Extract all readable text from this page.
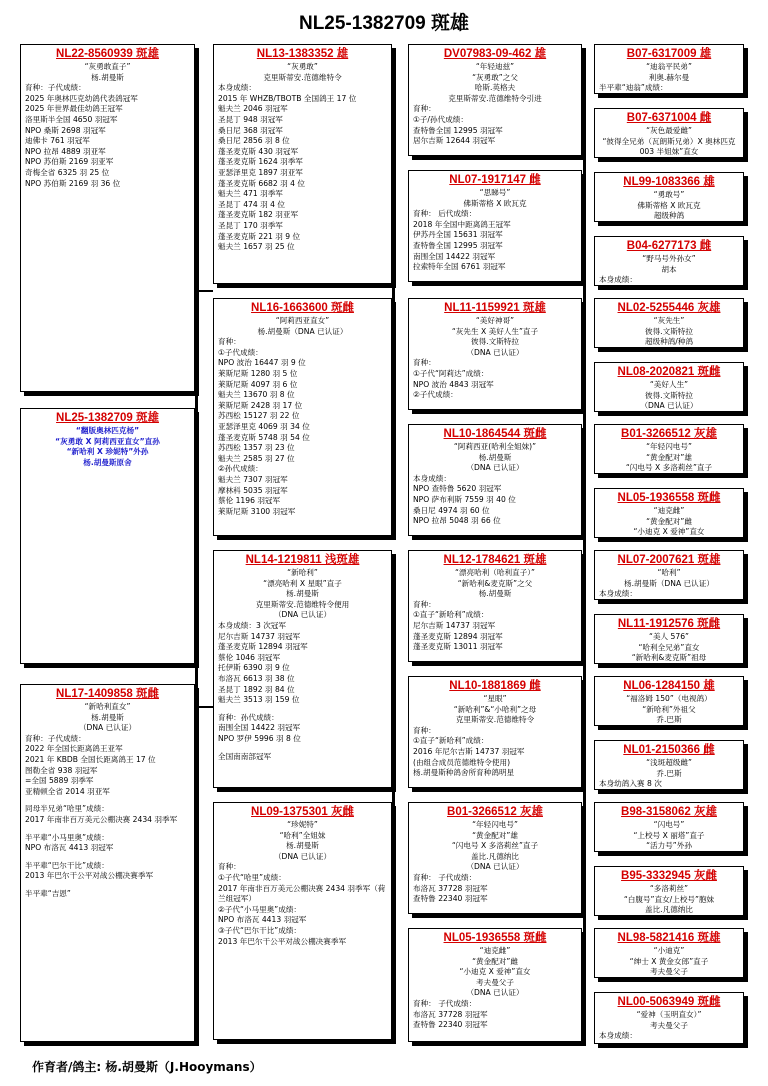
NL25-1382709 斑雄
NL25-1382709 斑雄
“翻版奥林匹克杨”
“灰勇敢 X 阿莉西亚直女”直孙
“新哈利 X 珍妮特”外孙
杨.胡曼斯原舍
NL22-8560939 斑雄
“灰勇敢直子”
杨.胡曼斯
育种：子代成绩：
2025 年奥林匹克幼鸽代表鸽冠军
2025 年世界最佳幼鸽王冠军
洛里斯半全国 4650 羽冠军
NPO 桑斯 2698 羽冠军
迪佛卡 761 羽冠军
NPO 拉昂 4889 羽亚军
NPO 苏伯斯 2169 羽亚军
奇梅全省 6325 羽 25 位
NPO 苏伯斯 2169 羽 36 位
NL17-1409858 斑雌
“新哈利直女”
杨.胡曼斯
（DNA 已认证）
育种：子代成绩：
2022 年全国长距离鸽王亚军
2021 年 KBDB 全国长距离鸽王 17 位
图勒全省 938 羽冠军
=全国 5889 羽季军
亚精顿全省 2014 羽亚军
同母半兄弟“哈里”成绩：
2017 年南非百万美元公棚决赛 2434 羽季军
半平辈“小马里奥”成绩：
NPO 布洛瓦 4413 羽冠军
半平辈“巴尔干比”成绩：
2013 年巴尔干公平对战公棚决赛季军
半平辈“吉恩”
NL13-1383352 雄
“灰勇敢”
克里斯蒂安.范德维特令
本身成绩：
2015 年 WHZB/TBOTB 全国鸽王 17 位
魁夫兰 2046 羽冠军
圣昆丁 948 羽冠军
桑日尼 368 羽冠军
桑日尼 2856 羽 8 位
蓬圣麦克斯 430 羽冠军
蓬圣麦克斯 1624 羽季军
亚瑟泽里克 1897 羽亚军
蓬圣麦克斯 6682 羽 4 位
魁夫兰 471 羽季军
圣昆丁 474 羽 4 位
蓬圣麦克斯 182 羽亚军
圣昆丁 170 羽季军
蓬圣麦克斯 221 羽 9 位
魁夫兰 1657 羽 25 位
NL16-1663600 斑雌
“阿莉西亚直女”
杨.胡曼斯（DNA 已认证）
育种：
①子代成绩：
NPO 波治 16447 羽 9 位
莱斯尼斯 1280 羽 5 位
莱斯尼斯 4097 羽 6 位
魁夫兰 13670 羽 8 位
莱斯尼斯 2428 羽 17 位
苏西松 15127 羽 22 位
亚瑟泽里克 4069 羽 34 位
蓬圣麦克斯 5748 羽 54 位
苏西松 1357 羽 23 位
魁夫兰 2585 羽 27 位
②孙代成绩：
魁夫兰 7307 羽冠军
摩林科 5035 羽冠军
蔡伦 1196 羽冠军
莱斯尼斯 3100 羽冠军
NL14-1219811 浅斑雄
“新哈利”
“漂亮哈利 X 星眼”直子
杨.胡曼斯
克里斯蒂安.范德维特令便用
（DNA 已认证）
本身成绩：3 次冠军
尼尔吉斯 14737 羽冠军
蓬圣麦克斯 12894 羽冠军
蔡伦 1046 羽冠军
托伊斯 6390 羽 9 位
布洛瓦 6613 羽 38 位
圣昆丁 1892 羽 84 位
魁夫兰 3513 羽 159 位
育种：孙代成绩：
南围全国 14422 羽冠军
NPO 罗伊 5996 羽 8 位
全国南南部冠军
NL09-1375301 灰雌
“珍妮特”
“哈利”全姐妹
杨.胡曼斯
（DNA 已认证）
育种：
①子代“哈里”成绩：
2017 年南非百万美元公棚决赛 2434 羽季军（荷兰组冠军）
②子代“小马里奥”成绩：
NPO 布洛瓦 4413 羽冠军
③子代“巴尔干比”成绩：
2013 年巴尔干公平对战公棚决赛季军
DV07983-09-462 雄
“年轻迪兹”
“灰勇敢”之父
哈斯.英格夫
克里斯蒂安.范德维特令引进
育种：
①子/孙代成绩：
查特鲁全国 12995 羽冠军
居尔吉斯 12644 羽冠军
NL07-1917147 雌
“思睇号”
佛斯蒂格 X 欧瓦克
育种： 后代成绩：
2018 年全国中距离鸽王冠军
伊苏丹全国 15631 羽冠军
查特鲁全国 12995 羽冠军
南围全国 14422 羽冠军
拉索特年全国 6761 羽冠军
NL11-1159921 斑雄
“美好神哥”
“灰先生 X 美好人生”直子
彼得.文斯特拉
（DNA 已认证）
育种：
①子代“阿莉达”成绩：
NPO 波治 4843 羽冠军
②子代成绩：
NL10-1864544 斑雌
“阿莉西亚(哈利全姐妹)”
杨.胡曼斯
（DNA 已认证）
本身成绩：
NPO 查特鲁 5620 羽冠军
NPO 萨布利斯 7559 羽 40 位
桑日尼 4974 羽 60 位
NPO 拉昂 5048 羽 66 位
NL12-1784621 斑雄
“漂亮哈利（哈利直子）”
“新哈利&麦克斯”之父
杨.胡曼斯
育种：
①直子“新哈利”成绩：
尼尔吉斯 14737 羽冠军
蓬圣麦克斯 12894 羽冠军
蓬圣麦克斯 13011 羽冠军
NL10-1881869 雌
“星眼”
“新哈利”&“小哈利”之母
克里斯蒂安.范德维特令
育种：
①直子“新哈利”成绩：
2016 年尼尔吉斯 14737 羽冠军
(由组合成员范德维特令使用)
杨.胡曼斯种鸽舍所育种鸽明星
B01-3266512 灰雄
“年轻闪电号”
“黄金配对”雄
“闪电号 X 多洛莉丝”直子
盖比.凡德纳比
（DNA 已认证）
育种： 子代成绩：
布洛瓦 37728 羽冠军
查特鲁 22340 羽冠军
NL05-1936558 斑雌
“迪克雌”
“黄金配对”雌
“小迪克 X 爱神”直女
考夫曼父子
（DNA 已认证）
育种： 子代成绩：
布洛瓦 37728 羽冠军
查特鲁 22340 羽冠军
B07-6317009 雄
“迪翁平民弟”
利奥.赫尔曼
半平辈“迪翁”成绩：
B07-6371004 雌
“灰色最爱雌”
“彼得全兄弟（瓦朗斯兄弟）X 奥林匹克 003 半姐妹”直女
NL99-1083366 雄
“勇敢号”
佛斯蒂格 X 欧瓦克
超级种鸽
B04-6277173 雌
“野马号外孙女”
胡本
本身成绩：
NL02-5255446 灰雄
“灰先生”
彼得.文斯特拉
超级种鸽/种鸽
NL08-2020821 斑雌
“美好人生”
彼得.文斯特拉
（DNA 已认证）
B01-3266512 灰雄
“年轻闪电号”
“黄金配对”雄
“闪电号 X 多洛莉丝”直子
NL05-1936558 斑雌
“迪克雌”
“黄金配对”雌
“小迪克 X 爱神”直女
NL07-2007621 斑雄
“哈利”
杨.胡曼斯（DNA 已认证）
本身成绩：
NL11-1912576 斑雌
“美人 576”
“哈利全兄弟”直女
“新哈利&麦克斯”祖母
NL06-1284150 雄
“福洛姆 150”（电视鸽）
“新哈利”外祖父
乔.巴斯
NL01-2150366 雌
“浅斑超级雌”
乔.巴斯
本身幼鸽入赛 8 次
B98-3158062 灰雄
“闪电号”
“上校号 X 丽塔”直子
“活力号”外孙
B95-3332945 灰雌
“多洛莉丝”
“白腹号”直女/上校号”胞妹
盖比.凡德纳比
NL98-5821416 斑雄
“小迪克”
“绅士 X 黄金女郎”直子
考夫曼父子
NL00-5063949 斑雌
“爱神（玉明直女）”
考夫曼父子
本身成绩：
作育者/鸽主: 杨.胡曼斯（J.Hooymans）
